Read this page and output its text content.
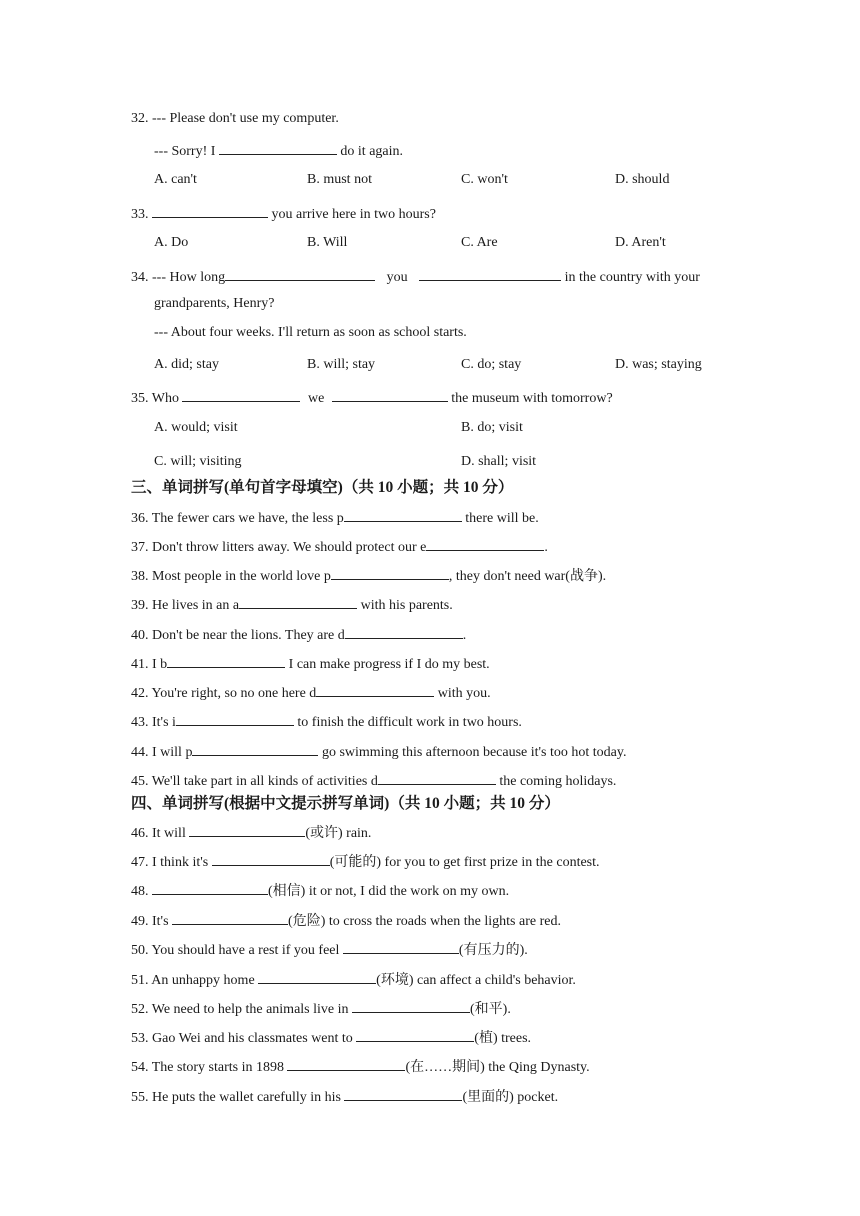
32. --- Please don't use my computer.
--- Sorry! I	do it again.
A. can't	B. must not	C. won't	D. should
33.	you arrive here in two hours?
A. Do	B. Will	C. Are	D. Aren't
34. --- How long	you	in the country with your
grandparents, Henry?
--- About four weeks. I'll return as soon as school starts.
A. did; stay	B. will; stay	C. do; stay	D. was; staying
35. Who	we	the museum with tomorrow?
A. would; visit	B. do; visit
C. will; visiting	D. shall; visit
三、单词拼写(单句首字母填空)（共 10 小题；共 10 分）
36. The fewer cars we have, the less p	there will be.
37. Don't throw litters away. We should protect our e	.
38. Most people in the world love p	, they don't need war(战争).
39. He lives in an a	with his parents.
40. Don't be near the lions. They are d	.
41. I b	I can make progress if I do my best.
42. You're right, so no one here d	with you.
43. It's i	to finish the difficult work in two hours.
44. I will p	go swimming this afternoon because it's too hot today.
45. We'll take part in all kinds of activities d	the coming holidays.
四、单词拼写(根据中文提示拼写单词)（共 10 小题；共 10 分）
46. It will	(或许) rain.
47. I think it's	(可能的) for you to get first prize in the contest.
48.	(相信) it or not, I did the work on my own.
49. It's	(危险) to cross the roads when the lights are red.
50. You should have a rest if you feel	(有压力的).
51. An unhappy home	(环境) can affect a child's behavior.
52. We need to help the animals live in	(和平).
53. Gao Wei and his classmates went to	(植) trees.
54. The story starts in 1898	(在……期间) the Qing Dynasty.
55. He puts the wallet carefully in his	(里面的) pocket.
